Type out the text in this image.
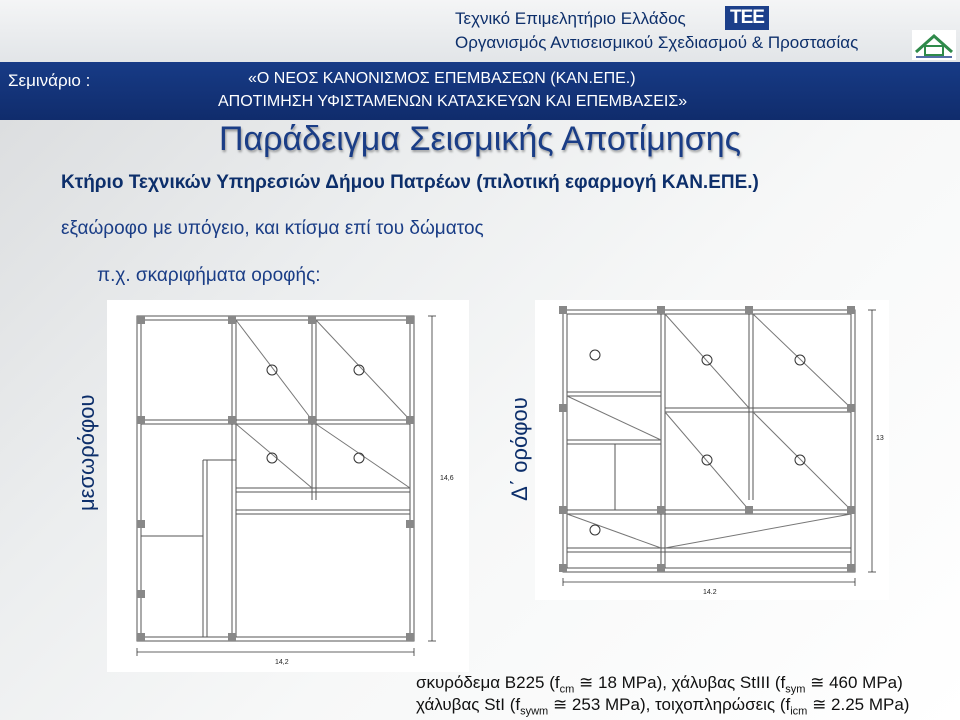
Τεχνικό Επιμελητήριο Ελλάδος
Οργανισμός Αντισεισμικού Σχεδιασμού & Προστασίας
ΤΕΕ
Σεμινάριο :	«Ο ΝΕΟΣ ΚΑΝΟΝΙΣΜΟΣ ΕΠΕΜΒΑΣΕΩΝ (ΚΑΝ.ΕΠΕ.)
ΑΠΟΤΙΜΗΣΗ ΥΦΙΣΤΑΜΕΝΩΝ ΚΑΤΑΣΚΕΥΩΝ ΚΑΙ ΕΠΕΜΒΑΣΕΙΣ»
Παράδειγμα Σεισμικής Αποτίμησης
Κτήριο Τεχνικών Υπηρεσιών Δήμου Πατρέων (πιλοτική εφαρμογή ΚΑΝ.ΕΠΕ.)
εξαώροφο με υπόγειο, και κτίσμα επί του δώματος
π.χ. σκαριφήματα οροφής:
μεσωρόφου	Δ΄ ορόφου
14,2
14,6
14.2
13
σκυρόδεμα B225 ($f_{cm}$ ≅ 18 MPa), χάλυβας StIII ($f_{sym}$ ≅ 460 MPa)
χάλυβας StI ($f_{sywm}$ ≅ 253 MPa), τοιχοπληρώσεις ($f_{icm}$ ≅ 2.25 MPa)
